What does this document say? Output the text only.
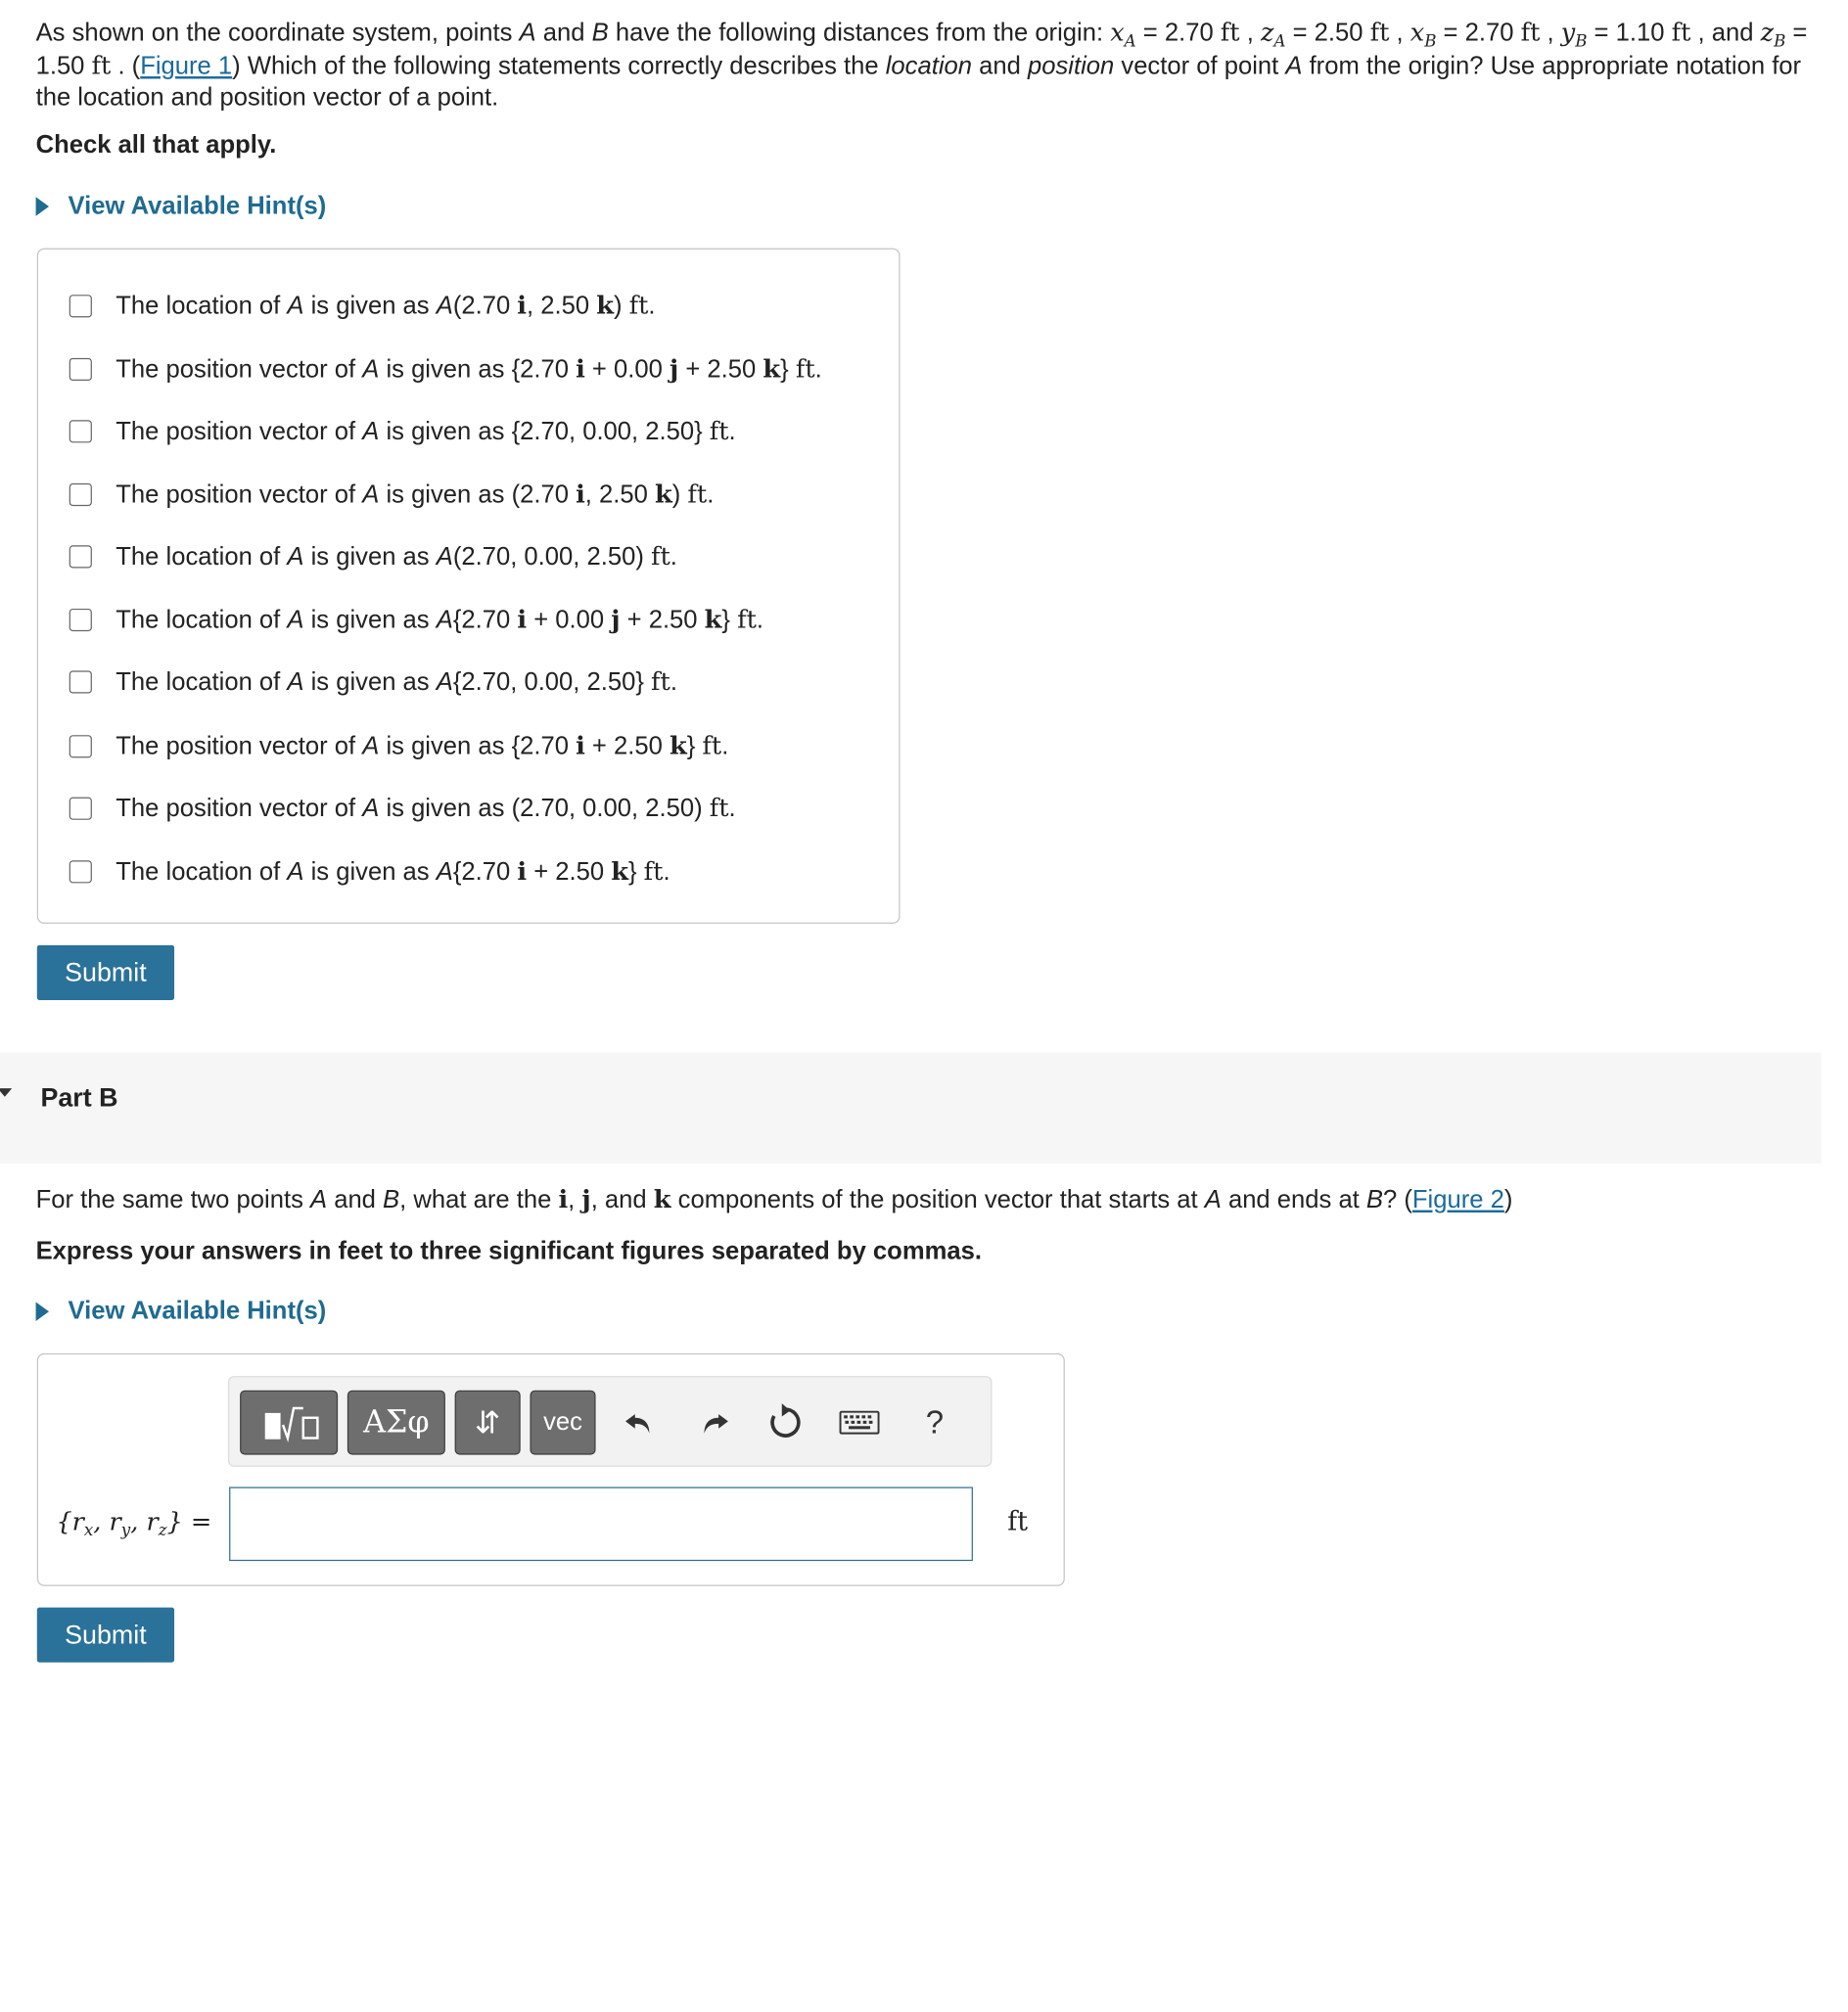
As shown on the coordinate system, points A and B have the following distances from the origin: $x_A = 2.70$ ft , $z_A = 2.50$ ft , $x_B = 2.70$ ft , $y_B = 1.10$ ft , and $z_B = 1.50$ ft . (Figure 1) Which of the following statements correctly describes the location and position vector of point A from the origin? Use appropriate notation for the location and position vector of a point.
Check all that apply.
View Available Hint(s)
The location of A is given as A(2.70 i, 2.50 k) ft.
The position vector of A is given as {2.70 i + 0.00 j + 2.50 k} ft.
The position vector of A is given as {2.70, 0.00, 2.50} ft.
The position vector of A is given as (2.70 i, 2.50 k) ft.
The location of A is given as A(2.70, 0.00, 2.50) ft.
The location of A is given as A{2.70 i + 0.00 j + 2.50 k} ft.
The location of A is given as A{2.70, 0.00, 2.50} ft.
The position vector of A is given as {2.70 i + 2.50 k} ft.
The position vector of A is given as (2.70, 0.00, 2.50) ft.
The location of A is given as A{2.70 i + 2.50 k} ft.
Submit
Part B
For the same two points A and B, what are the i, j, and k components of the position vector that starts at A and ends at B? (Figure 2)
Express your answers in feet to three significant figures separated by commas.
View Available Hint(s)
ΑΣφ ⇵ vec	?
{$r_x$, $r_y$, $r_z$} =	ft
Submit
